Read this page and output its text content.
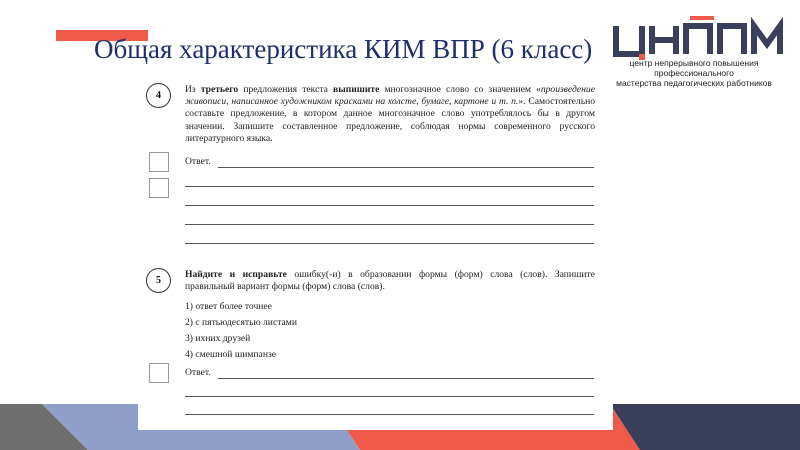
центр непрерывного повышения профессионального
мастерства педагогических работников
Общая характеристика КИМ ВПР (6 класс)
4
Из третьего предложения текста выпишите многозначное слово со значением «произведение живописи, написанное художником красками на холсте, бумаге, картоне и т. п.». Самостоятельно составьте предложение, в котором данное многозначное слово употреблялось бы в другом значении. Запишите составленное предложение, соблюдая нормы современного русского литературного языка.
Ответ.
5
Найдите и исправьте ошибку(-и) в образовании формы (форм) слова (слов). Запишите правильный вариант формы (форм) слова (слов).
1) ответ более точнее
2) с пятьюдесятью листами
3) ихних друзей
4) смешной шимпанзе
Ответ.
